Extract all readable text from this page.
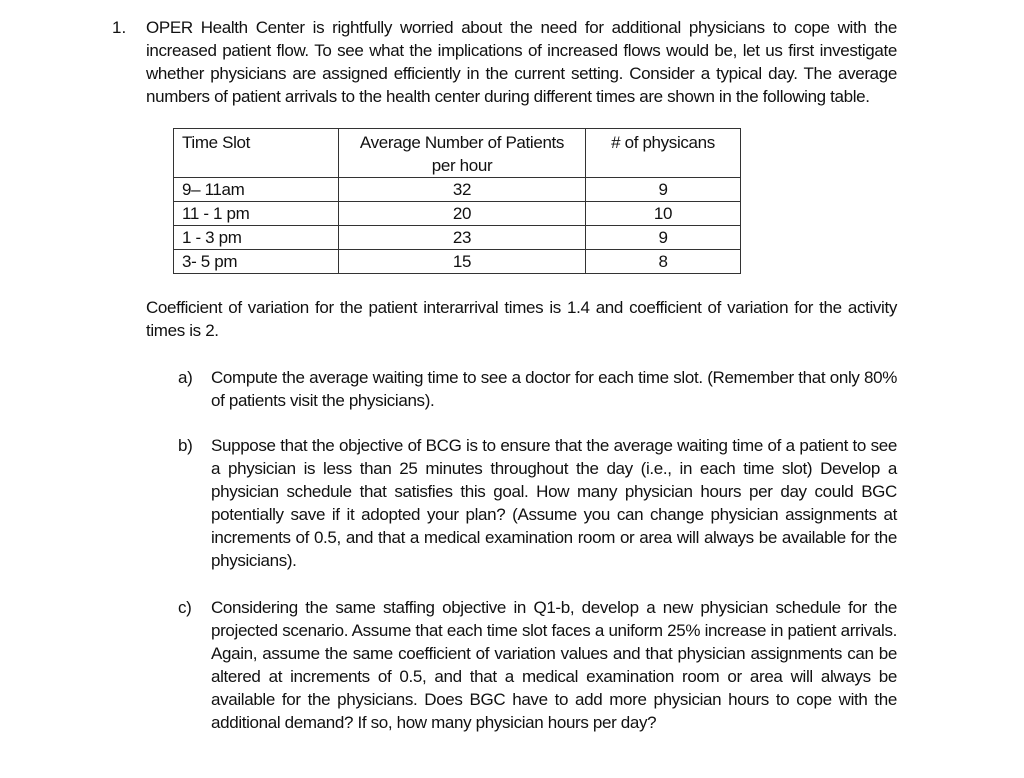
1. OPER Health Center is rightfully worried about the need for additional physicians to cope with the increased patient flow. To see what the implications of increased flows would be, let us first investigate whether physicians are assigned efficiently in the current setting. Consider a typical day. The average numbers of patient arrivals to the health center during different times are shown in the following table.
Time Slot	Average Number of Patients per hour	# of physicans
9– 11am	32	9
11 - 1 pm	20	10
1 - 3 pm	23	9
3- 5 pm	15	8
Coefficient of variation for the patient interarrival times is 1.4 and coefficient of variation for the activity times is 2.
a) Compute the average waiting time to see a doctor for each time slot. (Remember that only 80% of patients visit the physicians).
b) Suppose that the objective of BCG is to ensure that the average waiting time of a patient to see a physician is less than 25 minutes throughout the day (i.e., in each time slot) Develop a physician schedule that satisfies this goal. How many physician hours per day could BGC potentially save if it adopted your plan? (Assume you can change physician assignments at increments of 0.5, and that a medical examination room or area will always be available for the physicians).
c) Considering the same staffing objective in Q1-b, develop a new physician schedule for the projected scenario. Assume that each time slot faces a uniform 25% increase in patient arrivals. Again, assume the same coefficient of variation values and that physician assignments can be altered at increments of 0.5, and that a medical examination room or area will always be available for the physicians. Does BGC have to add more physician hours to cope with the additional demand? If so, how many physician hours per day?
